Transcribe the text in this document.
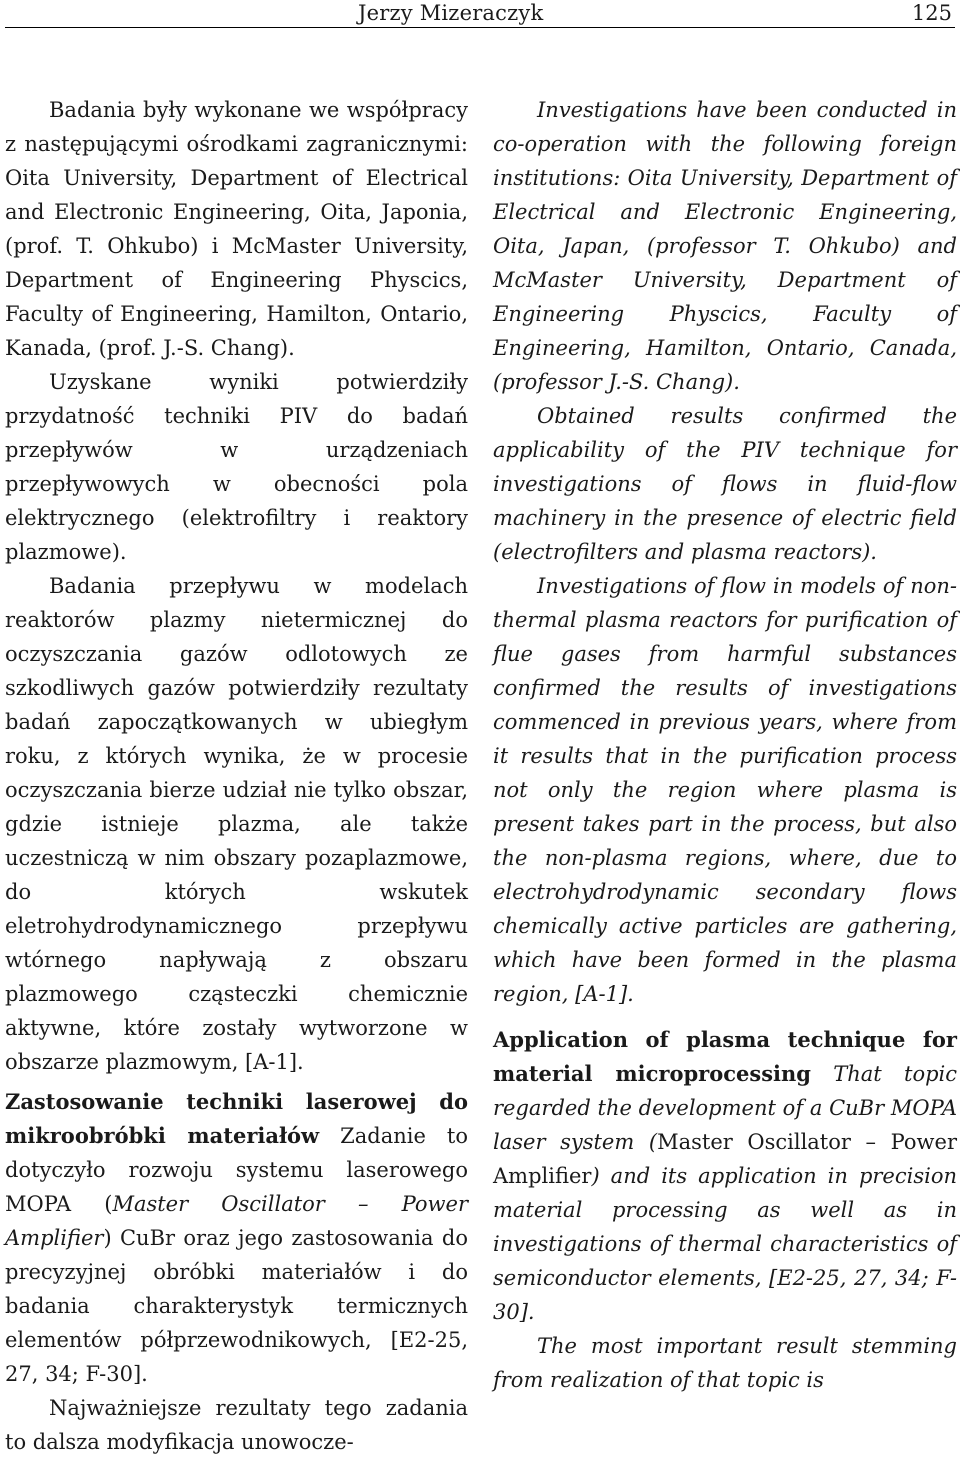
Jerzy Mizeraczyk	125

Badania były wykonane we współpracy z następującymi ośrodkami zagranicznymi: Oita University, Department of Electrical and Electronic Engineering, Oita, Japonia, (prof. T. Ohkubo) i McMaster University, Department of Engineering Physcics, Faculty of Engineering, Hamilton, Ontario, Kanada, (prof. J.-S. Chang).

Uzyskane wyniki potwierdziły przydatność techniki PIV do badań przepływów w urządzeniach przepływowych w obecności pola elektrycznego (elektrofiltry i reaktory plazmowe).

Badania przepływu w modelach reaktorów plazmy nietermicznej do oczyszczania gazów odlotowych ze szkodliwych gazów potwierdziły rezultaty badań zapoczątkowanych w ubiegłym roku, z których wynika, że w procesie oczyszczania bierze udział nie tylko obszar, gdzie istnieje plazma, ale także uczestniczą w nim obszary pozaplazmowe, do których wskutek eletrohydrodynamicznego przepływu wtórnego napływają z obszaru plazmowego cząsteczki chemicznie aktywne, które zostały wytworzone w obszarze plazmowym, [A-1].

Zastosowanie techniki laserowej do mikroobróbki materiałów Zadanie to dotyczyło rozwoju systemu laserowego MOPA (Master Oscillator – Power Amplifier) CuBr oraz jego zastosowania do precyzyjnej obróbki materiałów i do badania charakterystyk termicznych elementów półprzewodnikowych, [E2-25, 27, 34; F-30].

Najważniejsze rezultaty tego zadania to dalsza modyfikacja unowocze-

Investigations have been conducted in co-operation with the following foreign institutions: Oita University, Department of Electrical and Electronic Engineering, Oita, Japan, (professor T. Ohkubo) and McMaster University, Department of Engineering Physcics, Faculty of Engineering, Hamilton, Ontario, Canada, (professor J.-S. Chang).

Obtained results confirmed the applicability of the PIV technique for investigations of flows in fluid-flow machinery in the presence of electric field (electrofilters and plasma reactors).

Investigations of flow in models of non-thermal plasma reactors for purification of flue gases from harmful substances confirmed the results of investigations commenced in previous years, where from it results that in the purification process not only the region where plasma is present takes part in the process, but also the non-plasma regions, where, due to electrohydrodynamic secondary flows chemically active particles are gathering, which have been formed in the plasma region, [A-1].

Application of plasma technique for material microprocessing That topic regarded the development of a CuBr MOPA laser system (Master Oscillator – Power Amplifier) and its application in precision material processing as well as in investigations of thermal characteristics of semiconductor elements, [E2-25, 27, 34; F-30].

The most important result stemming from realization of that topic is
